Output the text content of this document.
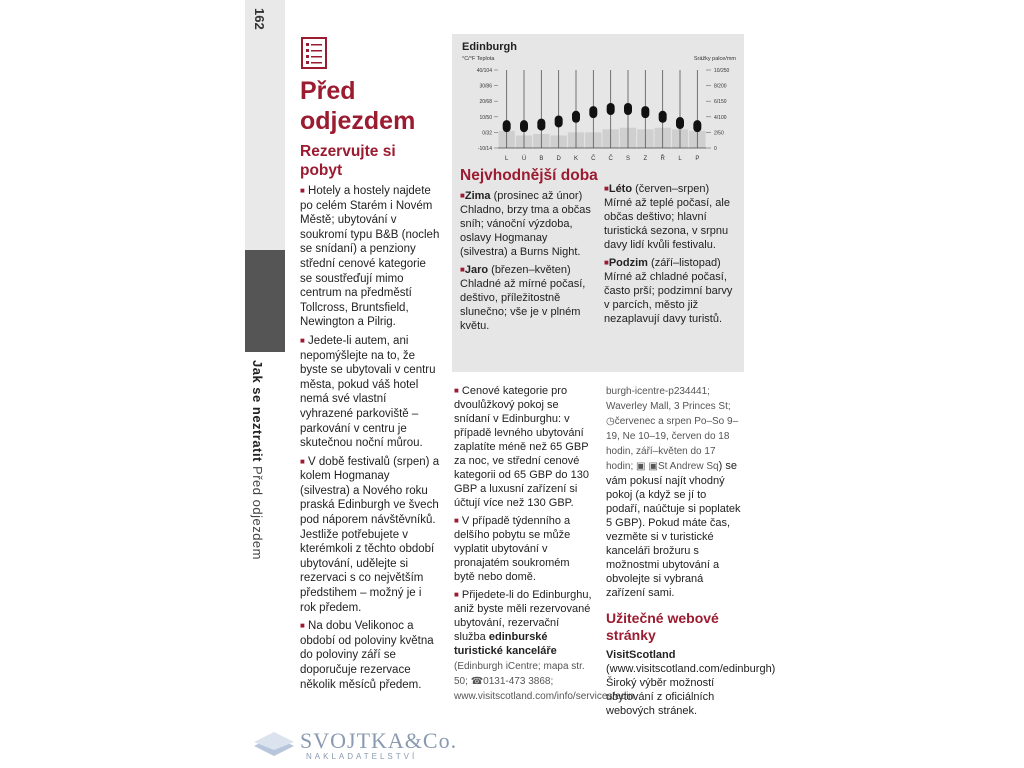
162
Jak se neztratit Před odjezdem
Před odjezdem
Rezervujte si pobyt

■ Hotely a hostely najdete po celém Starém i Novém Městě; ubytování v soukromí typu B&B (nocleh se snídaní) a penziony střední cenové kategorie se soustřeďují mimo centrum na předměstí Tollcross, Bruntsfield, Newington a Pilrig.

■ Jedete-li autem, ani nepomýšlejte na to, že byste se ubytovali v centru města, pokud váš hotel nemá své vlastní vyhrazené parkoviště – parkování v centru je skutečnou noční můrou.

■ V době festivalů (srpen) a kolem Hogmanay (silvestra) a Nového roku praská Edinburgh ve švech pod náporem návštěvníků. Jestliže potřebujete v kterémkoli z těchto období ubytování, udělejte si rezervaci s co největším předstihem – možný je i rok předem.

■ Na dobu Velikonoc a období od poloviny května do poloviny září se doporučuje rezervace několik měsíců předem.

Edinburgh
°C/°F Teplota	Srážky palce/mm
40/104
30/86
20/68
10/50
0/32
-10/14
10/250
8/200
6/150
4/100
2/50
0
L Ú B D K Č Č S Z Ř L P
Nejvhodnější doba

■Zima (prosinec až únor) Chladno, brzy tma a občas sníh; vánoční výzdoba, oslavy Hogmanay (silvestra) a Burns Night.

■Jaro (březen–květen) Chladné až mírné počasí, deštivo, příležitostně slunečno; vše je v plném květu.

■Léto (červen–srpen) Mírné až teplé počasí, ale občas deštivo; hlavní turistická sezona, v srpnu davy lidí kvůli festivalu.

■Podzim (září–listopad) Mírné až chladné počasí, často prší; podzimní barvy v parcích, město již nezaplavují davy turistů.

■ Cenové kategorie pro dvoulůžkový pokoj se snídaní v Edinburghu: v případě levného ubytování zaplatíte méně než 65 GBP za noc, ve střední cenové kategorii od 65 GBP do 130 GBP a luxusní zařízení si účtují více než 130 GBP.

■ V případě týdenního a delšího pobytu se může vyplatit ubytování v pronajatém soukromém bytě nebo domě.

■ Přijedete-li do Edinburghu, aniž byste měli rezervované ubytování, rezervační služba edinburské turistické kanceláře (Edinburgh iCentre; mapa str. 50; ☎0131-473 3868; www.visitscotland.com/info/services/edin

burgh-icentre-p234441; Waverley Mall, 3 Princes St; ◷červenec a srpen Po–So 9–19, Ne 10–19, červen do 18 hodin, září–květen do 17 hodin; ▣ ▣St Andrew Sq) se vám pokusí najít vhodný pokoj (a když se jí to podaří, naúčtuje si poplatek 5 GBP). Pokud máte čas, vezměte si v turistické kanceláři brožuru s možnostmi ubytování a obvolejte si vybraná zařízení sami.

Užitečné webové stránky

VisitScotland (www.visitscotland.com/edinburgh) Široký výběr možností ubytování z oficiálních webových stránek.

SVOJTKA&Co.
NAKLADATELSTVÍ
